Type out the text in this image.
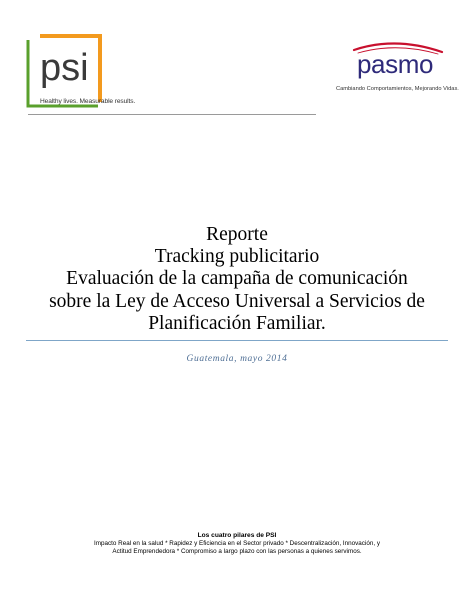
psi
Healthy lives. Measurable results.
pasmo
Cambiando Comportamientos, Mejorando Vidas.
Reporte
Tracking publicitario
Evaluación de la campaña de comunicación
sobre la Ley de Acceso Universal a Servicios de
Planificación Familiar.
Guatemala, mayo 2014
Los cuatro pilares de PSI
Impacto Real en la salud * Rapidez y Eficiencia en el Sector privado * Descentralización, Innovación, y
Actitud Emprendedora * Compromiso a largo plazo con las personas a quienes servimos.
